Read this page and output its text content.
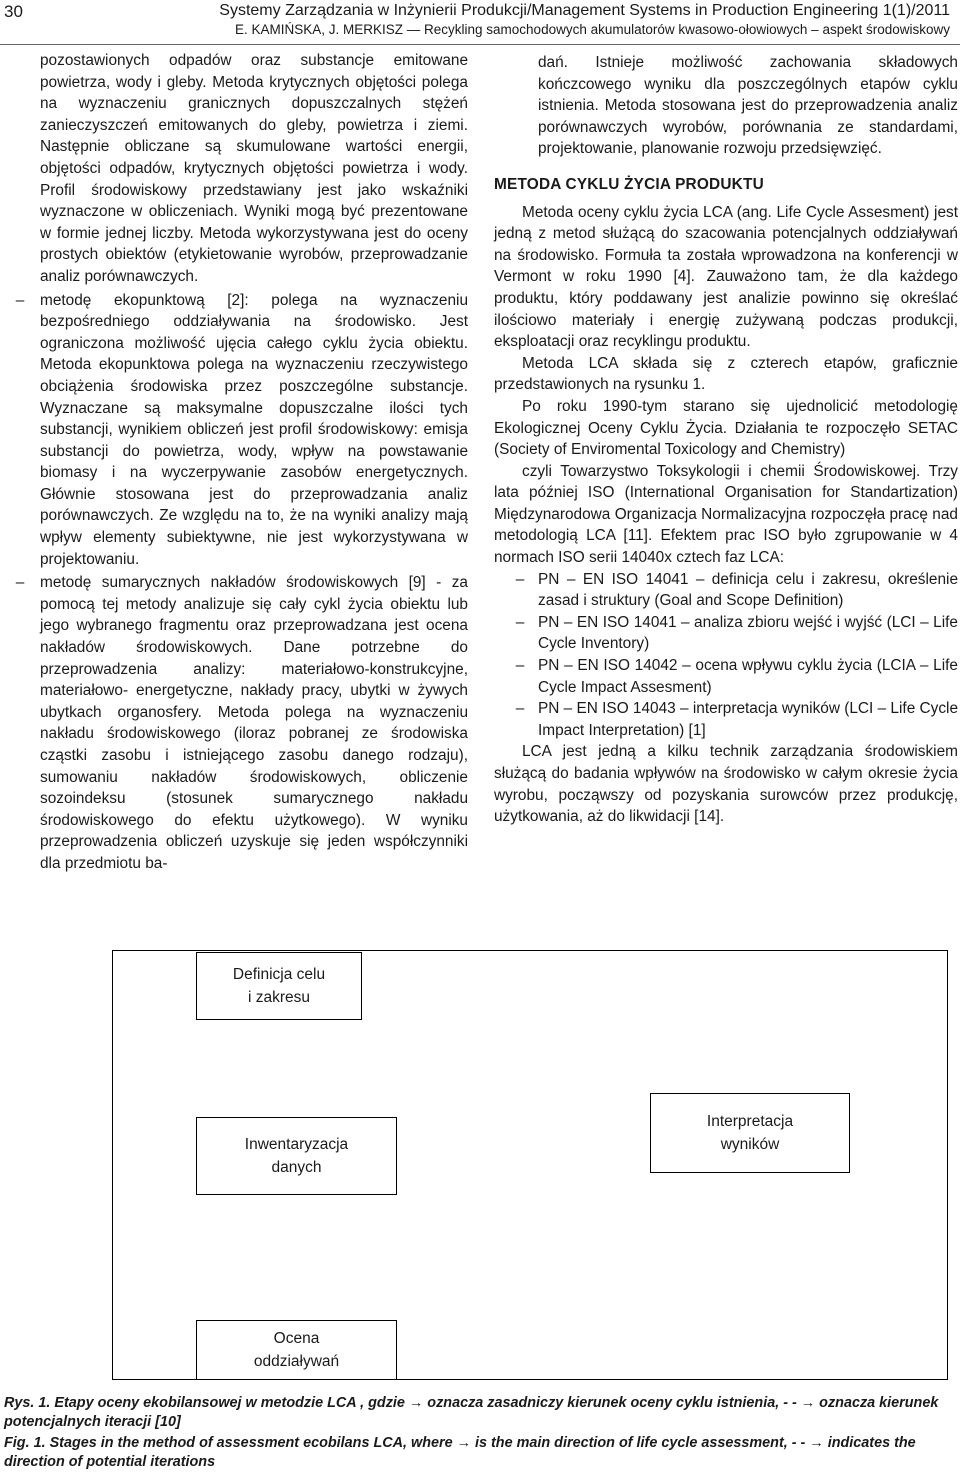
30	Systemy Zarządzania w Inżynierii Produkcji/Management Systems in Production Engineering 1(1)/2011
E. KAMIŃSKA, J. MERKISZ — Recykling samochodowych akumulatorów kwasowo-ołowiowych – aspekt środowiskowy

pozostawionych odpadów oraz substancje emitowane powietrza, wody i gleby. Metoda krytycznych objętości polega na wyznaczeniu granicznych dopuszczalnych stężeń zanieczyszczeń emitowanych do gleby, powietrza i ziemi. Następnie obliczane są skumulowane wartości energii, objętości odpadów, krytycznych objętości powietrza i wody. Profil środowiskowy przedstawiany jest jako wskaźniki wyznaczone w obliczeniach. Wyniki mogą być prezentowane w formie jednej liczby. Metoda wykorzystywana jest do oceny prostych obiektów (etykietowanie wyrobów, przeprowadzanie analiz porównawczych.

–	metodę ekopunktową [2]: polega na wyznaczeniu bezpośredniego oddziaływania na środowisko. Jest ograniczona możliwość ujęcia całego cyklu życia obiektu. Metoda ekopunktowa polega na wyznaczeniu rzeczywistego obciążenia środowiska przez poszczególne substancje. Wyznaczane są maksymalne dopuszczalne ilości tych substancji, wynikiem obliczeń jest profil środowiskowy: emisja substancji do powietrza, wody, wpływ na powstawanie biomasy i na wyczerpywanie zasobów energetycznych. Głównie stosowana jest do przeprowadzania analiz porównawczych. Ze względu na to, że na wyniki analizy mają wpływ elementy subiektywne, nie jest wykorzystywana w projektowaniu.

–	metodę sumarycznych nakładów środowiskowych [9] - za pomocą tej metody analizuje się cały cykl życia obiektu lub jego wybranego fragmentu oraz przeprowadzana jest ocena nakładów środowiskowych. Dane potrzebne do przeprowadzenia analizy: materiałowo-konstrukcyjne, materiałowo- energetyczne, nakłady pracy, ubytki w żywych ubytkach organosfery. Metoda polega na wyznaczeniu nakładu środowiskowego (iloraz pobranej ze środowiska cząstki zasobu i istniejącego zasobu danego rodzaju), sumowaniu nakładów środowiskowych, obliczenie sozoindeksu (stosunek sumarycznego nakładu środowiskowego do efektu użytkowego). W wyniku przeprowadzenia obliczeń uzyskuje się jeden współczynniki dla przedmiotu ba-

dań. Istnieje możliwość zachowania składowych kończcowego wyniku dla poszczególnych etapów cyklu istnienia. Metoda stosowana jest do przeprowadzenia analiz porównawczych wyrobów, porównania ze standardami, projektowanie, planowanie rozwoju przedsięwzięć.

METODA CYKLU ŻYCIA PRODUKTU

Metoda oceny cyklu życia LCA (ang. Life Cycle Assesment) jest jedną z metod służącą do szacowania potencjalnych oddziaływań na środowisko. Formuła ta została wprowadzona na konferencji w Vermont w roku 1990 [4]. Zauważono tam, że dla każdego produktu, który poddawany jest analizie powinno się określać ilościowo materiały i energię zużywaną podczas produkcji, eksploatacji oraz recyklingu produktu.

Metoda LCA składa się z czterech etapów, graficznie przedstawionych na rysunku 1.

Po roku 1990-tym starano się ujednolicić metodologię Ekologicznej Oceny Cyklu Życia. Działania te rozpoczęło SETAC (Society of Enviromental Toxicology and Chemistry)

czyli Towarzystwo Toksykologii i chemii Środowiskowej. Trzy lata później ISO (International Organisation for Standartization) Międzynarodowa Organizacja Normalizacyjna rozpoczęła pracę nad metodologią LCA [11]. Efektem prac ISO było zgrupowanie w 4 normach ISO serii 14040x cztech faz LCA:

– PN – EN ISO 14041 – definicja celu i zakresu, określenie zasad i struktury (Goal and Scope Definition)
– PN – EN ISO 14041 – analiza zbioru wejść i wyjść (LCI – Life Cycle Inventory)
– PN – EN ISO 14042 – ocena wpływu cyklu życia (LCIA – Life Cycle Impact Assesment)
– PN – EN ISO 14043 – interpretacja wyników (LCI – Life Cycle Impact Interpretation) [1]

LCA jest jedną a kilku technik zarządzania środowiskiem służącą do badania wpływów na środowisko w całym okresie życia wyrobu, począwszy od pozyskania surowców przez produkcję, użytkowania, aż do likwidacji [14].

Definicja celu
i zakresu
Inwentaryzacja
danych
Ocena
oddziaływań
Interpretacja
wyników
Rys. 1. Etapy oceny ekobilansowej w metodzie LCA , gdzie → oznacza zasadniczy kierunek oceny cyklu istnienia, - - → oznacza kierunek potencjalnych iteracji [10]
Fig. 1. Stages in the method of assessment ecobilans LCA, where → is the main direction of life cycle assessment, - - → indicates the direction of potential iterations
